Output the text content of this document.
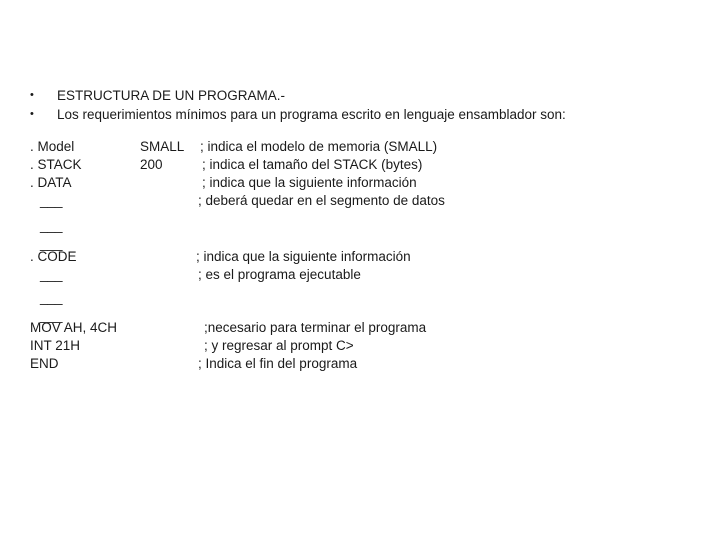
•	ESTRUCTURA DE UN PROGRAMA.-
•	Los requerimientos mínimos para un programa escrito en lenguaje ensamblador son:
. Model	SMALL ; indica el modelo de memoria (SMALL)
. STACK	200	; indica el tamaño del STACK (bytes)
. DATA	; indica que la siguiente información
___	; deberá quedar en el segmento de datos
___
___
. CODE	; indica que la siguiente información
___	; es el programa ejecutable
___
___
MOV AH, 4CH	;necesario para terminar el programa
INT 21H	; y regresar al prompt C>
END	; Indica el fin del programa
